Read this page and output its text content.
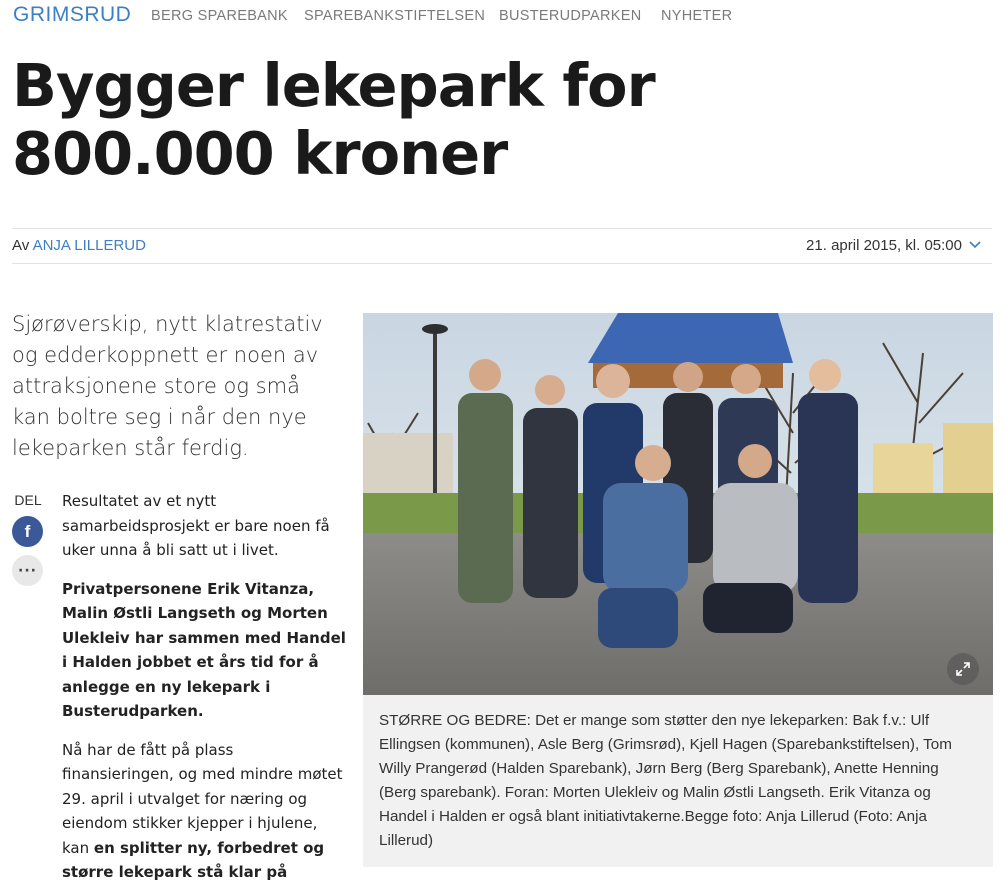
GRIMSRUD BERG SPAREBANK SPAREBANKSTIFTELSEN BUSTERUDPARKEN NYHETER
Bygger lekepark for
800.000 kroner
Av ANJA LILLERUD	21. april 2015, kl. 05:00

Sjørøverskip, nytt klatrestativ og edderkoppnett er noen av attraksjonene store og små kan boltre seg i når den nye lekeparken står ferdig.

DEL
f
···

Resultatet av et nytt samarbeidsprosjekt er bare noen få uker unna å bli satt ut i livet.

Privatpersonene Erik Vitanza, Malin Østli Langseth og Morten Ulekleiv har sammen med Handel i Halden jobbet et års tid for å anlegge en ny lekepark i Busterudparken.

Nå har de fått på plass finansieringen, og med mindre møtet 29. april i utvalget for næring og eiendom stikker kjepper i hjulene, kan en splitter ny, forbedret og større lekepark stå klar på

STØRRE OG BEDRE: Det er mange som støtter den nye lekeparken: Bak f.v.: Ulf Ellingsen (kommunen), Asle Berg (Grimsrød), Kjell Hagen (Sparebankstiftelsen), Tom Willy Prangerød (Halden Sparebank), Jørn Berg (Berg Sparebank), Anette Henning (Berg sparebank). Foran: Morten Ulekleiv og Malin Østli Langseth. Erik Vitanza og Handel i Halden er også blant initiativtakerne.Begge foto: Anja Lillerud (Foto: Anja Lillerud)
